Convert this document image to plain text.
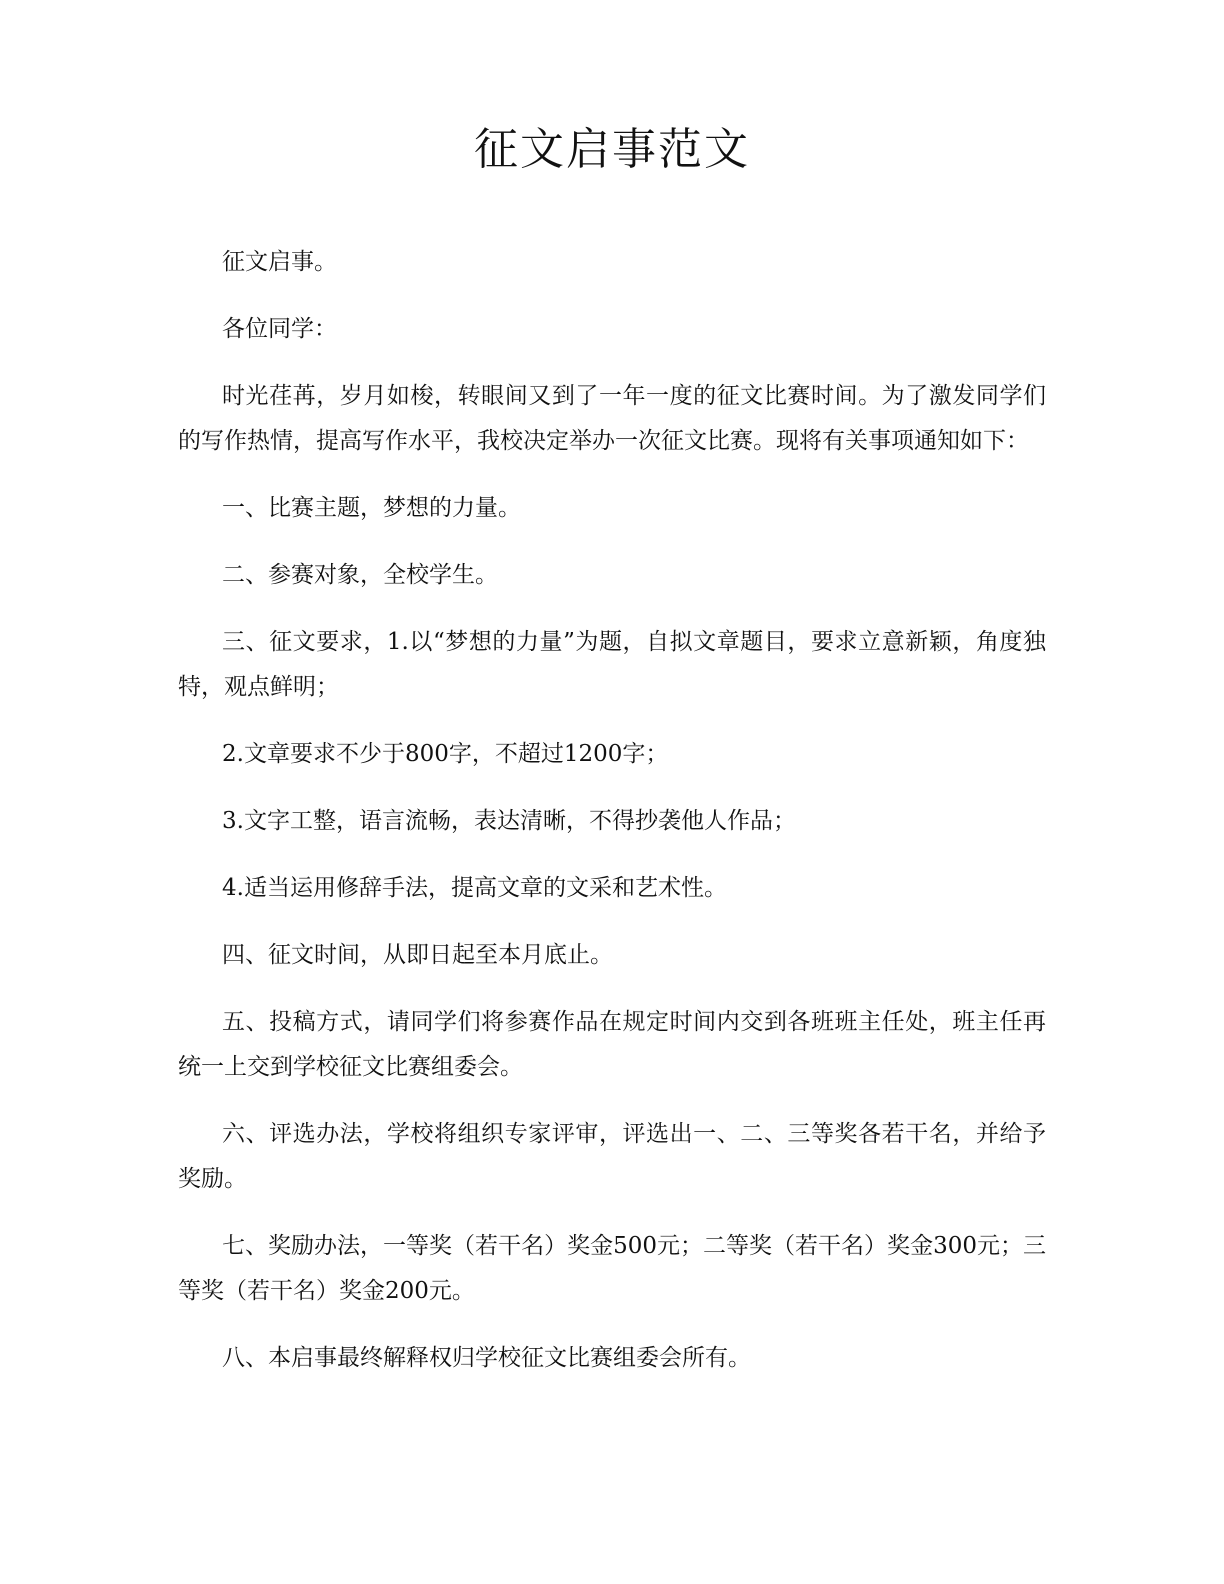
征文启事范文

征文启事。

各位同学：

时光荏苒，岁月如梭，转眼间又到了一年一度的征文比赛时间。为了激发同学们的写作热情，提高写作水平，我校决定举办一次征文比赛。现将有关事项通知如下：

一、比赛主题，梦想的力量。

二、参赛对象，全校学生。

三、征文要求，1.以“梦想的力量”为题，自拟文章题目，要求立意新颖，角度独特，观点鲜明；

2.文章要求不少于800字，不超过1200字；

3.文字工整，语言流畅，表达清晰，不得抄袭他人作品；

4.适当运用修辞手法，提高文章的文采和艺术性。

四、征文时间，从即日起至本月底止。

五、投稿方式，请同学们将参赛作品在规定时间内交到各班班主任处，班主任再统一上交到学校征文比赛组委会。

六、评选办法，学校将组织专家评审，评选出一、二、三等奖各若干名，并给予奖励。

七、奖励办法，一等奖（若干名）奖金500元；二等奖（若干名）奖金300元；三等奖（若干名）奖金200元。

八、本启事最终解释权归学校征文比赛组委会所有。
